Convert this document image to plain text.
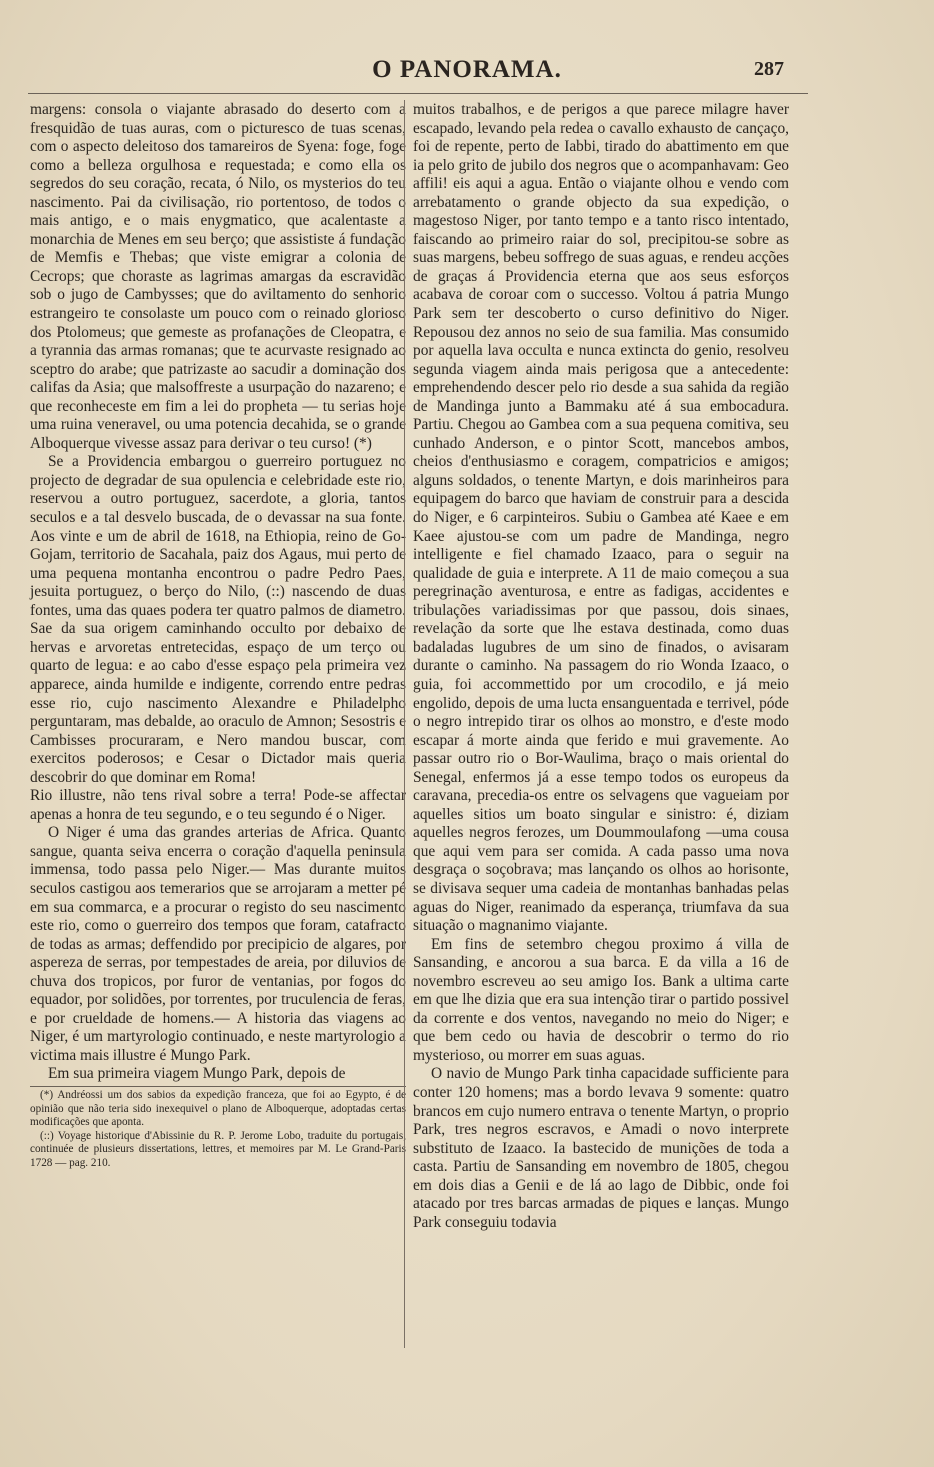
O PANORAMA.	287

margens: consola o viajante abrasado do deserto com a fresquidão de tuas auras, com o picturesco de tuas scenas, com o aspecto deleitoso dos tamareiros de Syena: foge, foge como a belleza orgulhosa e requestada; e como ella os segredos do seu coração, recata, ó Nilo, os mysterios do teu nascimento. Pai da civilisação, rio portentoso, de todos o mais antigo, e o mais enygmatico, que acalentaste a monarchia de Menes em seu berço; que assististe á fundação de Memfis e Thebas; que viste emigrar a colonia de Cecrops; que choraste as lagrimas amargas da escravidão sob o jugo de Cambysses; que do aviltamento do senhorio estrangeiro te consolaste um pouco com o reinado glorioso dos Ptolomeus; que gemeste as profanações de Cleopatra, e a tyrannia das armas romanas; que te acurvaste resignado ao sceptro do arabe; que patrizaste ao sacudir a dominação dos califas da Asia; que malsoffreste a usurpação do nazareno; e que reconheceste em fim a lei do propheta — tu serias hoje uma ruina veneravel, ou uma potencia decahida, se o grande Alboquerque vivesse assaz para derivar o teu curso! (*)

Se a Providencia embargou o guerreiro portuguez no projecto de degradar de sua opulencia e celebridade este rio, reservou a outro portuguez, sacerdote, a gloria, tantos seculos e a tal desvelo buscada, de o devassar na sua fonte. Aos vinte e um de abril de 1618, na Ethiopia, reino de Go-Gojam, territorio de Sacahala, paiz dos Agaus, mui perto de uma pequena montanha encontrou o padre Pedro Paes, jesuita portuguez, o berço do Nilo, (::) nascendo de duas fontes, uma das quaes podera ter quatro palmos de diametro. Sae da sua origem caminhando occulto por debaixo de hervas e arvoretas entretecidas, espaço de um terço ou quarto de legua: e ao cabo d'esse espaço pela primeira vez apparece, ainda humilde e indigente, correndo entre pedras esse rio, cujo nascimento Alexandre e Philadelpho perguntaram, mas debalde, ao oraculo de Amnon; Sesostris e Cambisses procuraram, e Nero mandou buscar, com exercitos poderosos; e Cesar o Dictador mais queria descobrir do que dominar em Roma!

Rio illustre, não tens rival sobre a terra! Pode-se affectar apenas a honra de teu segundo, e o teu segundo é o Niger.

O Niger é uma das grandes arterias de Africa. Quanto sangue, quanta seiva encerra o coração d'aquella peninsula immensa, todo passa pelo Niger.— Mas durante muitos seculos castigou aos temerarios que se arrojaram a metter pé em sua commarca, e a procurar o registo do seu nascimento este rio, como o guerreiro dos tempos que foram, catafracto de todas as armas; deffendido por precipicio de algares, por aspereza de serras, por tempestades de areia, por diluvios de chuva dos tropicos, por furor de ventanias, por fogos do equador, por solidões, por torrentes, por truculencia de feras, e por crueldade de homens.— A historia das viagens ao Niger, é um martyrologio continuado, e neste martyrologio a victima mais illustre é Mungo Park.

Em sua primeira viagem Mungo Park, depois de

(*) Andréossi um dos sabios da expedição franceza, que foi ao Egypto, é de opinião que não teria sido inexequivel o plano de Alboquerque, adoptadas certas modificações que aponta.

(::) Voyage historique d'Abissinie du R. P. Jerome Lobo, traduite du portugais, continuée de plusieurs dissertations, lettres, et memoires par M. Le Grand-Paris 1728 — pag. 210.

muitos trabalhos, e de perigos a que parece milagre haver escapado, levando pela redea o cavallo exhausto de cançaço, foi de repente, perto de Iabbi, tirado do abattimento em que ia pelo grito de jubilo dos negros que o acompanhavam: Geo affili! eis aqui a agua. Então o viajante olhou e vendo com arrebatamento o grande objecto da sua expedição, o magestoso Niger, por tanto tempo e a tanto risco intentado, faiscando ao primeiro raiar do sol, precipitou-se sobre as suas margens, bebeu soffrego de suas aguas, e rendeu acções de graças á Providencia eterna que aos seus esforços acabava de coroar com o successo. Voltou á patria Mungo Park sem ter descoberto o curso definitivo do Niger. Repousou dez annos no seio de sua familia. Mas consumido por aquella lava occulta e nunca extincta do genio, resolveu segunda viagem ainda mais perigosa que a antecedente: emprehendendo descer pelo rio desde a sua sahida da região de Mandinga junto a Bammaku até á sua embocadura. Partiu. Chegou ao Gambea com a sua pequena comitiva, seu cunhado Anderson, e o pintor Scott, mancebos ambos, cheios d'enthusiasmo e coragem, compatricios e amigos; alguns soldados, o tenente Martyn, e dois marinheiros para equipagem do barco que haviam de construir para a descida do Niger, e 6 carpinteiros. Subiu o Gambea até Kaee e em Kaee ajustou-se com um padre de Mandinga, negro intelligente e fiel chamado Izaaco, para o seguir na qualidade de guia e interprete. A 11 de maio começou a sua peregrinação aventurosa, e entre as fadigas, accidentes e tribulações variadissimas por que passou, dois sinaes, revelação da sorte que lhe estava destinada, como duas badaladas lugubres de um sino de finados, o avisaram durante o caminho. Na passagem do rio Wonda Izaaco, o guia, foi accommettido por um crocodilo, e já meio engolido, depois de uma lucta ensanguentada e terrivel, póde o negro intrepido tirar os olhos ao monstro, e d'este modo escapar á morte ainda que ferido e mui gravemente. Ao passar outro rio o Bor-Waulima, braço o mais oriental do Senegal, enfermos já a esse tempo todos os europeus da caravana, precedia-os entre os selvagens que vagueiam por aquelles sitios um boato singular e sinistro: é, diziam aquelles negros ferozes, um Doummoulafong —uma cousa que aqui vem para ser comida. A cada passo uma nova desgraça o soçobrava; mas lançando os olhos ao horisonte, se divisava sequer uma cadeia de montanhas banhadas pelas aguas do Niger, reanimado da esperança, triumfava da sua situação o magnanimo viajante.

Em fins de setembro chegou proximo á villa de Sansanding, e ancorou a sua barca. E da villa a 16 de novembro escreveu ao seu amigo Ios. Bank a ultima carte em que lhe dizia que era sua intenção tirar o partido possivel da corrente e dos ventos, navegando no meio do Niger; e que bem cedo ou havia de descobrir o termo do rio mysterioso, ou morrer em suas aguas.

O navio de Mungo Park tinha capacidade sufficiente para conter 120 homens; mas a bordo levava 9 somente: quatro brancos em cujo numero entrava o tenente Martyn, o proprio Park, tres negros escravos, e Amadi o novo interprete substituto de Izaaco. Ia bastecido de munições de toda a casta. Partiu de Sansanding em novembro de 1805, chegou em dois dias a Genii e de lá ao lago de Dibbic, onde foi atacado por tres barcas armadas de piques e lanças. Mungo Park conseguiu todavia
